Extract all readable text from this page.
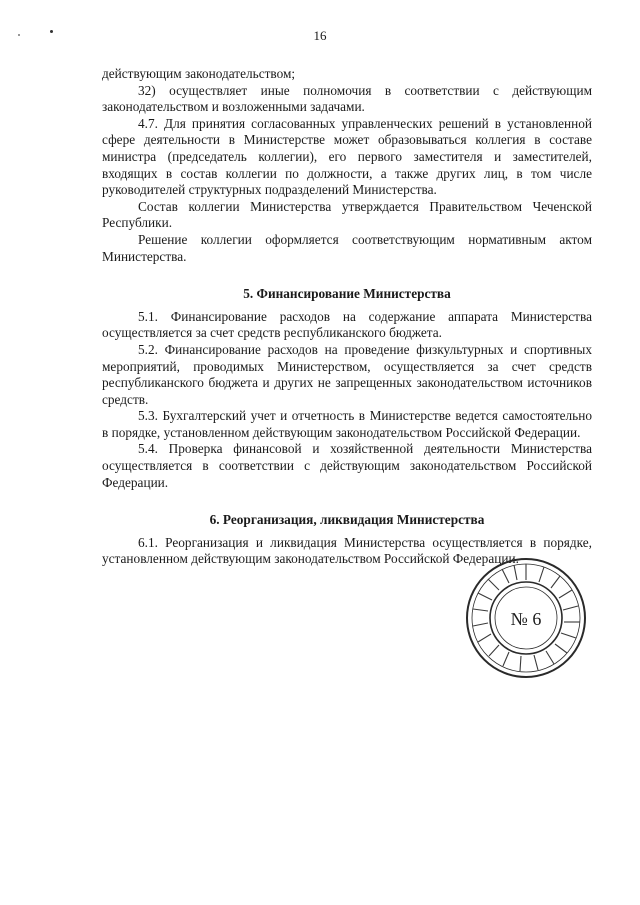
16

действующим законодательством;

32) осуществляет иные полномочия в соответствии с действующим законодательством и возложенными задачами.

4.7. Для принятия согласованных управленческих решений в установленной сфере деятельности в Министерстве может образовываться коллегия в составе министра (председатель коллегии), его первого заместителя и заместителей, входящих в состав коллегии по должности, а также других лиц, в том числе руководителей структурных подразделений Министерства.

Состав коллегии Министерства утверждается Правительством Чеченской Республики.

Решение коллегии оформляется соответствующим нормативным актом Министерства.

5. Финансирование Министерства

5.1. Финансирование расходов на содержание аппарата Министерства осуществляется за счет средств республиканского бюджета.

5.2. Финансирование расходов на проведение физкультурных и спортивных мероприятий, проводимых Министерством, осуществляется за счет средств республиканского бюджета и других не запрещенных законодательством источников средств.

5.3. Бухгалтерский учет и отчетность в Министерстве ведется самостоятельно в порядке, установленном действующим законодательством Российской Федерации.

5.4. Проверка финансовой и хозяйственной деятельности Министерства осуществляется в соответствии с действующим законодательством Российской Федерации.

6. Реорганизация, ликвидация Министерства

6.1. Реорганизация и ликвидация Министерства осуществляется в порядке, установленном действующим законодательством Российской Федерации.

№ 6
